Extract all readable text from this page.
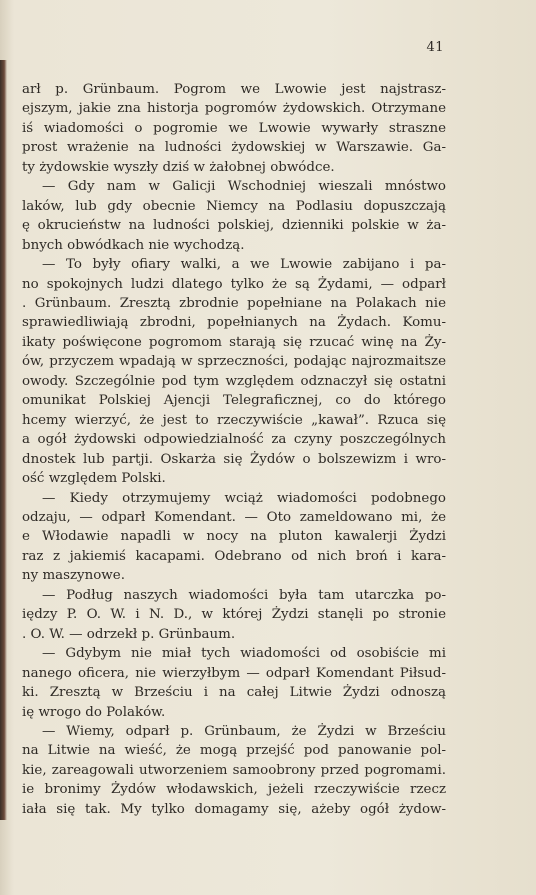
41
arł p. Grünbaum. Pogrom we Lwowie jest najstrasz-
ejszym, jakie zna historja pogromów żydowskich. Otrzymane
iś wiadomości o pogromie we Lwowie wywarły straszne
prost wrażenie na ludności żydowskiej w Warszawie. Ga-
ty żydowskie wyszły dziś w żałobnej obwódce.
— Gdy nam w Galicji Wschodniej wieszali mnóstwo
laków, lub gdy obecnie Niemcy na Podlasiu dopuszczają
ę okrucieństw na ludności polskiej, dzienniki polskie w ża-
bnych obwódkach nie wychodzą.
— To były ofiary walki, a we Lwowie zabijano i pa-
no spokojnych ludzi dlatego tylko że są Żydami, — odparł
. Grünbaum. Zresztą zbrodnie popełniane na Polakach nie
sprawiedliwiają zbrodni, popełnianych na Żydach. Komu-
ikaty poświęcone pogromom starają się rzucać winę na Ży-
ów, przyczem wpadają w sprzeczności, podając najrozmaitsze
owody. Szczególnie pod tym względem odznaczył się ostatni
omunikat Polskiej Ajencji Telegraficznej, co do którego
hcemy wierzyć, że jest to rzeczywiście „kawał”. Rzuca się
a ogół żydowski odpowiedzialność za czyny poszczególnych
dnostek lub partji. Oskarża się Żydów o bolszewizm i wro-
ość względem Polski.
— Kiedy otrzymujemy wciąż wiadomości podobnego
odzaju, — odparł Komendant. — Oto zameldowano mi, że
e Włodawie napadli w nocy na pluton kawalerji Żydzi
raz z jakiemiś kacapami. Odebrano od nich broń i kara-
ny maszynowe.
— Podług naszych wiadomości była tam utarczka po-
iędzy P. O. W. i N. D., w której Żydzi stanęli po stronie
. O. W. — odrzekł p. Grünbaum.
— Gdybym nie miał tych wiadomości od osobiście mi
nanego oficera, nie wierzyłbym — odparł Komendant Piłsud-
ki. Zresztą w Brześciu i na całej Litwie Żydzi odnoszą
ię wrogo do Polaków.
— Wiemy, odparł p. Grünbaum, że Żydzi w Brześciu
na Litwie na wieść, że mogą przejść pod panowanie pol-
kie, zareagowali utworzeniem samoobrony przed pogromami.
ie bronimy Żydów włodawskich, jeżeli rzeczywiście rzecz
iała się tak. My tylko domagamy się, ażeby ogół żydow-
